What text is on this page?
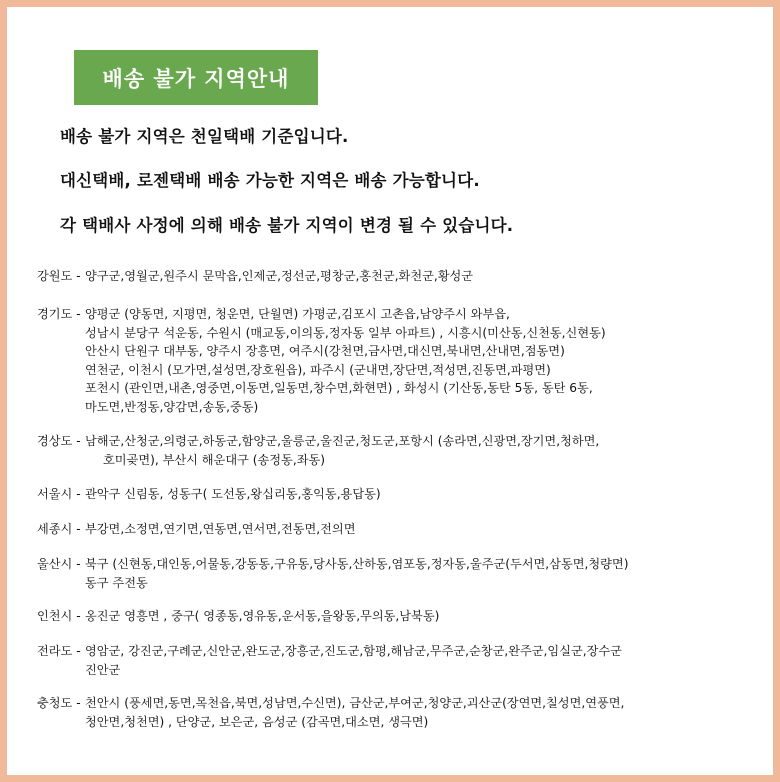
배송 불가 지역안내
배송 불가 지역은 천일택배 기준입니다.
대신택배, 로젠택배 배송 가능한 지역은 배송 가능합니다.
각 택배사 사정에 의해 배송 불가 지역이 변경 될 수 있습니다.
강원도 - 양구군,영월군,원주시 문막읍,인제군,정선군,평창군,홍천군,화천군,황성군
경기도 - 양평군 (양동면, 지평면, 청운면, 단월면) 가평군,김포시 고촌읍,남양주시 와부읍,
성남시 분당구 석운동, 수원시 (매교동,이의동,정자동 일부 아파트) , 시흥시(미산동,신천동,신현동)
안산시 단원구 대부동, 양주시 장흥면, 여주시(강천면,금사면,대신면,북내면,산내면,점동면)
연천군, 이천시 (모가면,설성면,장호원읍), 파주시 (군내면,장단면,적성면,진동면,파평면)
포천시 (관인면,내촌,영중면,이동면,일동면,창수면,화현면) , 화성시 (기산동,동탄 5동, 동탄 6동,
마도면,반정동,양감면,송동,중동)
경상도 - 남해군,산청군,의령군,하동군,함양군,울릉군,울진군,청도군,포항시 (송라면,신광면,장기면,청하면,
호미곶면), 부산시 해운대구 (송정동,좌동)
서울시 - 관악구 신림동, 성동구( 도선동,왕십리동,홍익동,용답동)
세종시 - 부강면,소정면,연기면,연동면,연서면,전동면,전의면
울산시 - 북구 (신현동,대인동,어물동,강동동,구유동,당사동,산하동,염포동,정자동,울주군(두서면,삼동면,청량면)
동구 주전동
인천시 - 옹진군 영흥면 , 중구( 영종동,영유동,운서동,을왕동,무의동,남북동)
전라도 - 영암군, 강진군,구례군,신안군,완도군,장흥군,진도군,함평,해남군,무주군,순창군,완주군,임실군,장수군
진안군
충청도 - 천안시 (풍세면,동면,목천읍,북면,성남면,수신면), 금산군,부여군,청양군,괴산군(장연면,칠성면,연풍면,
청안면,청천면) , 단양군, 보은군, 음성군 (감곡면,대소면, 생극면)
